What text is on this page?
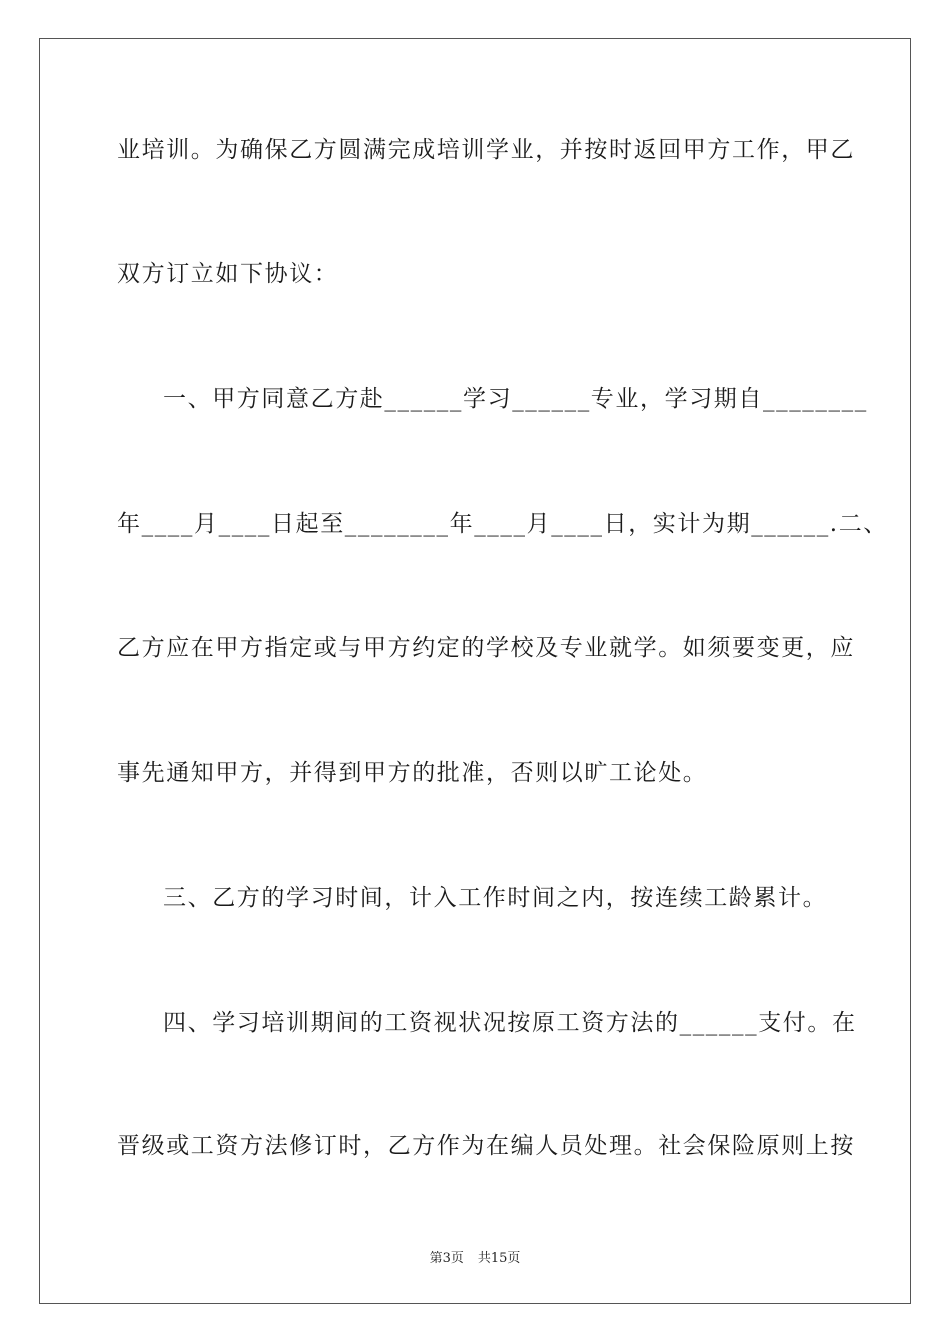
业培训。为确保乙方圆满完成培训学业，并按时返回甲方工作，甲乙
双方订立如下协议：
一、甲方同意乙方赴______学习______专业，学习期自________
年____月____日起至________年____月____日，实计为期______.二、
乙方应在甲方指定或与甲方约定的学校及专业就学。如须要变更，应
事先通知甲方，并得到甲方的批准，否则以旷工论处。
三、乙方的学习时间，计入工作时间之内，按连续工龄累计。
四、学习培训期间的工资视状况按原工资方法的______支付。在
晋级或工资方法修订时，乙方作为在编人员处理。社会保险原则上按
第3页 共15页
